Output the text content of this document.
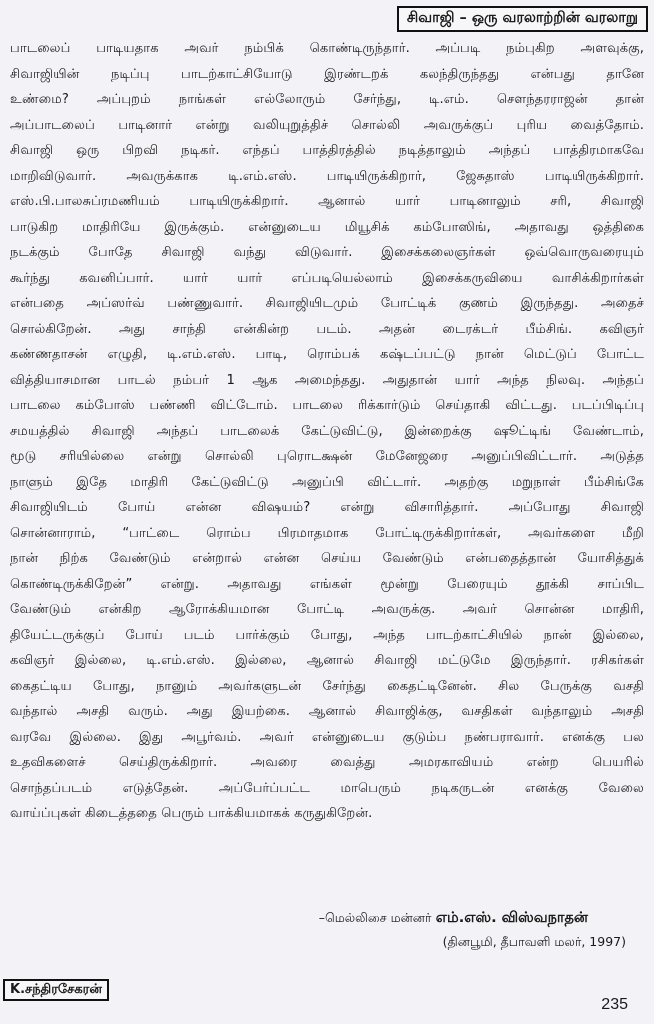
சிவாஜி – ஒரு வரலாற்றின் வரலாறு
பாடலைப் பாடியதாக அவர் நம்பிக் கொண்டிருந்தார். அப்படி நம்புகிற அளவுக்கு,
சிவாஜியின் நடிப்பு பாடற்காட்சியோடு இரண்டறக் கலந்திருந்தது என்பது தானே
உண்மை? அப்புறம் நாங்கள் எல்லோரும் சேர்ந்து, டி.எம். சௌந்தரராஜன் தான்
அப்பாடலைப் பாடினார் என்று வலியுறுத்திச் சொல்லி அவருக்குப் புரிய வைத்தோம்.
சிவாஜி ஒரு பிறவி நடிகர். எந்தப் பாத்திரத்தில் நடித்தாலும் அந்தப் பாத்திரமாகவே
மாறிவிடுவார். அவருக்காக டி.எம்.எஸ். பாடியிருக்கிறார், ஜேசுதாஸ் பாடியிருக்கிறார்.
எஸ்.பி.பாலசுப்ரமணியம் பாடியிருக்கிறார். ஆனால் யார் பாடினாலும் சரி, சிவாஜி
பாடுகிற மாதிரியே இருக்கும். என்னுடைய மியூசிக் கம்போஸிங், அதாவது ஒத்திகை
நடக்கும் போதே சிவாஜி வந்து விடுவார். இசைக்கலைஞர்கள் ஒவ்வொருவரையும்
கூர்ந்து கவனிப்பார். யார் யார் எப்படியெல்லாம் இசைக்கருவியை வாசிக்கிறார்கள்
என்பதை அப்ஸர்வ் பண்ணுவார். சிவாஜியிடமும் போட்டிக் குணம் இருந்தது. அதைச்
சொல்கிறேன். அது சாந்தி என்கின்ற படம். அதன் டைரக்டர் பீம்சிங். கவிஞர்
கண்ணதாசன் எழுதி, டி.எம்.எஸ். பாடி, ரொம்பக் கஷ்டப்பட்டு நான் மெட்டுப் போட்ட
வித்தியாசமான பாடல் நம்பர் 1 ஆக அமைந்தது. அதுதான் யார் அந்த நிலவு. அந்தப்
பாடலை கம்போஸ் பண்ணி விட்டோம். பாடலை ரிக்கார்டும் செய்தாகி விட்டது. படப்பிடிப்பு
சமயத்தில் சிவாஜி அந்தப் பாடலைக் கேட்டுவிட்டு, இன்றைக்கு ஷூட்டிங் வேண்டாம்,
மூடு சரியில்லை என்று சொல்லி புரொடக்ஷன் மேனேஜரை அனுப்பிவிட்டார். அடுத்த
நாளும் இதே மாதிரி கேட்டுவிட்டு அனுப்பி விட்டார். அதற்கு மறுநாள் பீம்சிங்கே
சிவாஜியிடம் போய் என்ன விஷயம்? என்று விசாரித்தார். அப்போது சிவாஜி
சொன்னாராம், “பாட்டை ரொம்ப பிரமாதமாக போட்டிருக்கிறார்கள், அவர்களை மீறி
நான் நிற்க வேண்டும் என்றால் என்ன செய்ய வேண்டும் என்பதைத்தான் யோசித்துக்
கொண்டிருக்கிறேன்” என்று. அதாவது எங்கள் மூன்று பேரையும் தூக்கி சாப்பிட
வேண்டும் என்கிற ஆரோக்கியமான போட்டி அவருக்கு. அவர் சொன்ன மாதிரி,
தியேட்டருக்குப் போய் படம் பார்க்கும் போது, அந்த பாடற்காட்சியில் நான் இல்லை,
கவிஞர் இல்லை, டி.எம்.எஸ். இல்லை, ஆனால் சிவாஜி மட்டுமே இருந்தார். ரசிகர்கள்
கைதட்டிய போது, நானும் அவர்களுடன் சேர்ந்து கைதட்டினேன். சில பேருக்கு வசதி
வந்தால் அசதி வரும். அது இயற்கை. ஆனால் சிவாஜிக்கு, வசதிகள் வந்தாலும் அசதி
வரவே இல்லை. இது அபூர்வம். அவர் என்னுடைய குடும்ப நண்பராவார். எனக்கு பல
உதவிகளைச் செய்திருக்கிறார். அவரை வைத்து அமரகாவியம் என்ற பெயரில்
சொந்தப்படம் எடுத்தேன். அப்பேர்ப்பட்ட மாபெரும் நடிகருடன் எனக்கு வேலை
வாய்ப்புகள் கிடைத்ததை பெரும் பாக்கியமாகக் கருதுகிறேன்.
–மெல்லிசை மன்னர் எம்.எஸ். விஸ்வநாதன்
(தினபூமி, தீபாவளி மலர், 1997)
K.சந்திரசேகரன்
235
